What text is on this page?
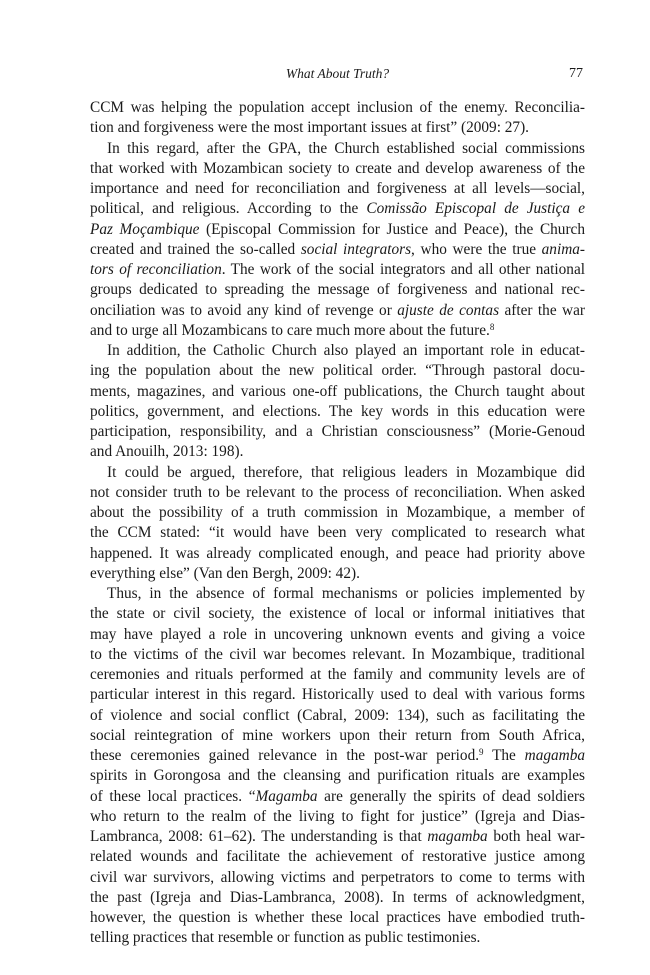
What About Truth?	77
CCM was helping the population accept inclusion of the enemy. Reconcilia-
tion and forgiveness were the most important issues at first” (2009: 27).
In this regard, after the GPA, the Church established social commissions
that worked with Mozambican society to create and develop awareness of the
importance and need for reconciliation and forgiveness at all levels—social,
political, and religious. According to the Comissão Episcopal de Justiça e
Paz Moçambique (Episcopal Commission for Justice and Peace), the Church
created and trained the so-called social integrators, who were the true anima-
tors of reconciliation. The work of the social integrators and all other national
groups dedicated to spreading the message of forgiveness and national rec-
onciliation was to avoid any kind of revenge or ajuste de contas after the war
and to urge all Mozambicans to care much more about the future.$^8$
In addition, the Catholic Church also played an important role in educat-
ing the population about the new political order. “Through pastoral docu-
ments, magazines, and various one-off publications, the Church taught about
politics, government, and elections. The key words in this education were
participation, responsibility, and a Christian consciousness” (Morie-Genoud
and Anouilh, 2013: 198).
It could be argued, therefore, that religious leaders in Mozambique did
not consider truth to be relevant to the process of reconciliation. When asked
about the possibility of a truth commission in Mozambique, a member of
the CCM stated: “it would have been very complicated to research what
happened. It was already complicated enough, and peace had priority above
everything else” (Van den Bergh, 2009: 42).
Thus, in the absence of formal mechanisms or policies implemented by
the state or civil society, the existence of local or informal initiatives that
may have played a role in uncovering unknown events and giving a voice
to the victims of the civil war becomes relevant. In Mozambique, traditional
ceremonies and rituals performed at the family and community levels are of
particular interest in this regard. Historically used to deal with various forms
of violence and social conflict (Cabral, 2009: 134), such as facilitating the
social reintegration of mine workers upon their return from South Africa,
these ceremonies gained relevance in the post-war period.$^9$ The magamba
spirits in Gorongosa and the cleansing and purification rituals are examples
of these local practices. “Magamba are generally the spirits of dead soldiers
who return to the realm of the living to fight for justice” (Igreja and Dias-
Lambranca, 2008: 61–62). The understanding is that magamba both heal war-
related wounds and facilitate the achievement of restorative justice among
civil war survivors, allowing victims and perpetrators to come to terms with
the past (Igreja and Dias-Lambranca, 2008). In terms of acknowledgment,
however, the question is whether these local practices have embodied truth-
telling practices that resemble or function as public testimonies.
